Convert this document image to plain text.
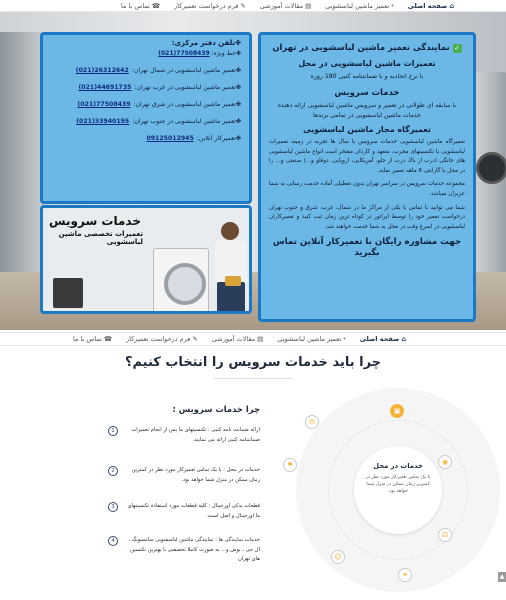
⌂
صفحه اصلی
▾
تعمیر ماشین لباسشویی
▤
مقالات آموزشی
✎
فرم درخواست تعمیرکار
☎
تماس با ما
✓نمایندگی تعمیر ماشین لباسشویی در تهران
تعمیرات ماشین لباسشویی در محل
با نرخ اتحادیه و با ضمانتنامه کتبی 180 روزه
خدمات سرویس
با سابقه ای طولانی در تعمیر و سرویس ماشین لباسشویی ارائه دهنده خدمات ماشین لباسشویی در تمامی برندها
تعمیرگاه مجاز ماشین لباسشویی
تعمیرگاه ماشین لباسشویی خدمات سرویس با سال ها تجربه در زمینه تعمیرات لباسشویی با تکنسینهای مجرب، متعهد و کاردان مفتخر است انواع ماشین لباسشویی های خانگی (درب از بالا، درب از جلو، آمریکایی، اروپایی، دوقلو و...) صنعتی و... را در محل با گارانتی 6 ماهه تعمیر نماید.
مجموعه خدمات سرویس در سراسر تهران بدون تعطیلی آماده خدمت رسانی به شما عزیزان میباشد.
شما می توانید با تماس با یکی از مراکز ما در شمال، غرب، شرق و جنوب تهران درخواست تعمیر خود را توسط اپراتور در کوتاه ترین زمان ثبت کنید و تعمیرکاران لباسشویی در اسرع وقت در محل به شما خدمت خواهند شد.
جهت مشاوره رایگان با تعمیرکار آنلاین تماس بگیرید
✤تلفن دفتر مرکزی:
✤خط ویژه: (021)77508439
✤تعمیر ماشین لباسشویی در شمال تهران:(021)26312642
✤تعمیر ماشین لباسشویی در غرب تهران:(021)44691735
✤تعمیر ماشین لباسشویی در شرق تهران:(021)77508439
✤تعمیر ماشین لباسشویی در جنوب تهران:(021)33940195
✤تعمیرکار آنلاین:09125012945
خدمات سرویس
تعمیرات تخصصی ماشین لباسشویی
⌂
صفحه اصلی
▾
تعمیر ماشین لباسشویی
▤
مقالات آموزشی
✎
فرم درخواست تعمیرکار
☎
تماس با ما
چرا باید خدمات سرویس را انتخاب کنیم؟
خدمات در محل
با یک تماس تعمیرکار مورد نظر در کمترین زمان ممکن در منزل شما خواهد بود.
▣
◉
☊
✦
☺
⚑
✉
چرا خدمات سرویس :
1	ارائه ضمانت نامه کتبی : تکنسینهای ما پس از انجام تعمیرات ضمانتنامه کتبی ارائه می نمایند.
2	خدمات در محل : با یک تماس تعمیرکار مورد نظر در کمترین زمان ممکن در منزل شما خواهد بود.
3	قطعات یدکی اورجینال : کلیه قطعات مورد استفاده تکنسینهای ما اورجینال و اصل است.
4	خدمات نمایندگی ها : نمایندگی ماشین لباسشویی سامسونگ ، ال جی ، بوش و... به صورت کاملا تخصصی با بهترین تکنسین های تهران
▲
